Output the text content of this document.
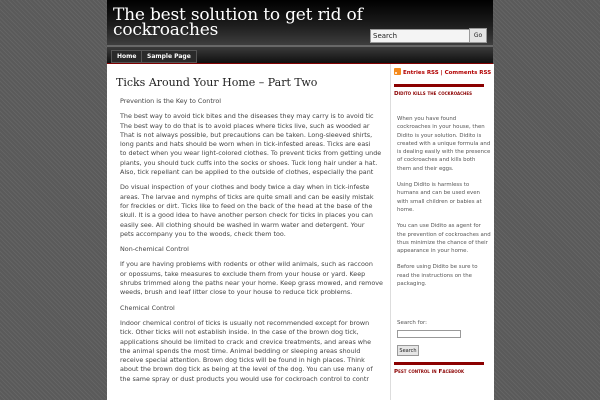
The best solution to get rid of cockroaches
Search	Go
Home	Sample Page
Ticks Around Your Home – Part Two

Prevention is the Key to Control

The best way to avoid tick bites and the diseases they may carry is to avoid tic
The best way to do that is to avoid places where ticks live, such as wooded ar
That is not always possible, but precautions can be taken. Long-sleeved shirts,
long pants and hats should be worn when in tick-infested areas. Ticks are easi
to detect when you wear light-colored clothes. To prevent ticks from getting unde
plants, you should tuck cuffs into the socks or shoes. Tuck long hair under a hat.
Also, tick repellant can be applied to the outside of clothes, especially the pant

Do visual inspection of your clothes and body twice a day when in tick-infeste
areas. The larvae and nymphs of ticks are quite small and can be easily mistak
for freckles or dirt. Ticks like to feed on the back of the head at the base of the
skull. It is a good idea to have another person check for ticks in places you can
easily see. All clothing should be washed in warm water and detergent. Your
pets accompany you to the woods, check them too.

Non-chemical Control

If you are having problems with rodents or other wild animals, such as raccoon
or opossums, take measures to exclude them from your house or yard. Keep
shrubs trimmed along the paths near your home. Keep grass mowed, and remove
weeds, brush and leaf litter close to your house to reduce tick problems.

Chemical Control

Indoor chemical control of ticks is usually not recommended except for brown
tick. Other ticks will not establish inside. In the case of the brown dog tick,
applications should be limited to crack and crevice treatments, and areas whe
the animal spends the most time. Animal bedding or sleeping areas should
receive special attention. Brown dog ticks will be found in high places. Think
about the brown dog tick as being at the level of the dog. You can use many of
the same spray or dust products you would use for cockroach control to contr

Entries RSS | Comments RSS
Didito kills the cockroaches

When you have found cockroaches in your house, then Didito is your solution. Didito is created with a unique formula and is dealing easily with the presence of cockroaches and kills both them and their eggs.

Using Didito is harmless to humans and can be used even with small children or babies at home.

You can use Didito as agent for the prevention of cockroaches and thus minimize the chance of their appearance in your home.

Before using Didito be sure to read the instructions on the packaging.

Search for:
Search
Pest control in Facebook
